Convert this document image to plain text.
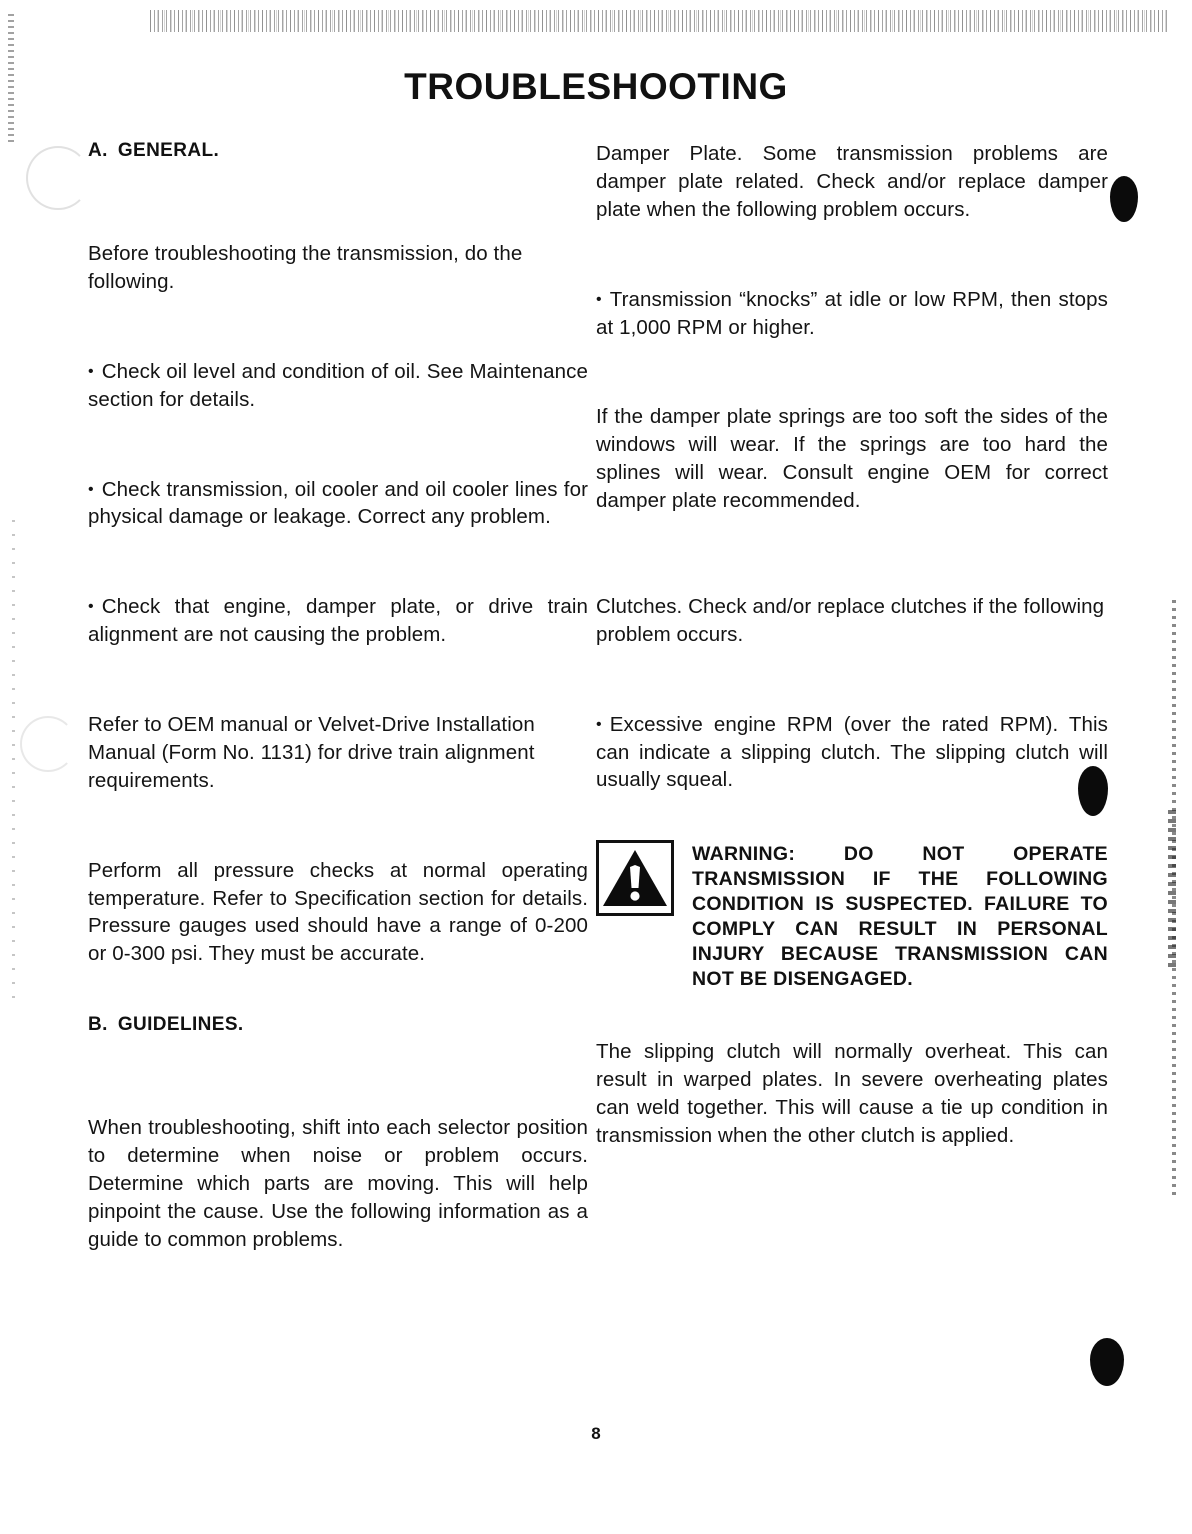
TROUBLESHOOTING
A. GENERAL.

Before troubleshooting the transmission, do the following.

• Check oil level and condition of oil. See Maintenance section for details.
• Check transmission, oil cooler and oil cooler lines for physical damage or leakage. Correct any problem.
• Check that engine, damper plate, or drive train alignment are not causing the problem.

Refer to OEM manual or Velvet-Drive Installation Manual (Form No. 1131) for drive train alignment requirements.

Perform all pressure checks at normal operating temperature. Refer to Specification section for details. Pressure gauges used should have a range of 0-200 or 0-300 psi. They must be accurate.

B. GUIDELINES.

When troubleshooting, shift into each selector position to determine when noise or problem occurs. Determine which parts are moving. This will help pinpoint the cause. Use the following information as a guide to common problems.

Damper Plate. Some transmission problems are damper plate related. Check and/or replace damper plate when the following problem occurs.

• Transmission “knocks” at idle or low RPM, then stops at 1,000 RPM or higher.

If the damper plate springs are too soft the sides of the windows will wear. If the springs are too hard the splines will wear. Consult engine OEM for correct damper plate recommended.

Clutches. Check and/or replace clutches if the following problem occurs.

• Excessive engine RPM (over the rated RPM). This can indicate a slipping clutch. The slipping clutch will usually squeal.
WARNING: DO NOT OPERATE TRANSMISSION IF THE FOLLOWING CONDITION IS SUSPECTED. FAILURE TO COMPLY CAN RESULT IN PERSONAL INJURY BECAUSE TRANSMISSION CAN NOT BE DISENGAGED.

The slipping clutch will normally overheat. This can result in warped plates. In severe overheating plates can weld together. This will cause a tie up condition in transmission when the other clutch is applied.

8
